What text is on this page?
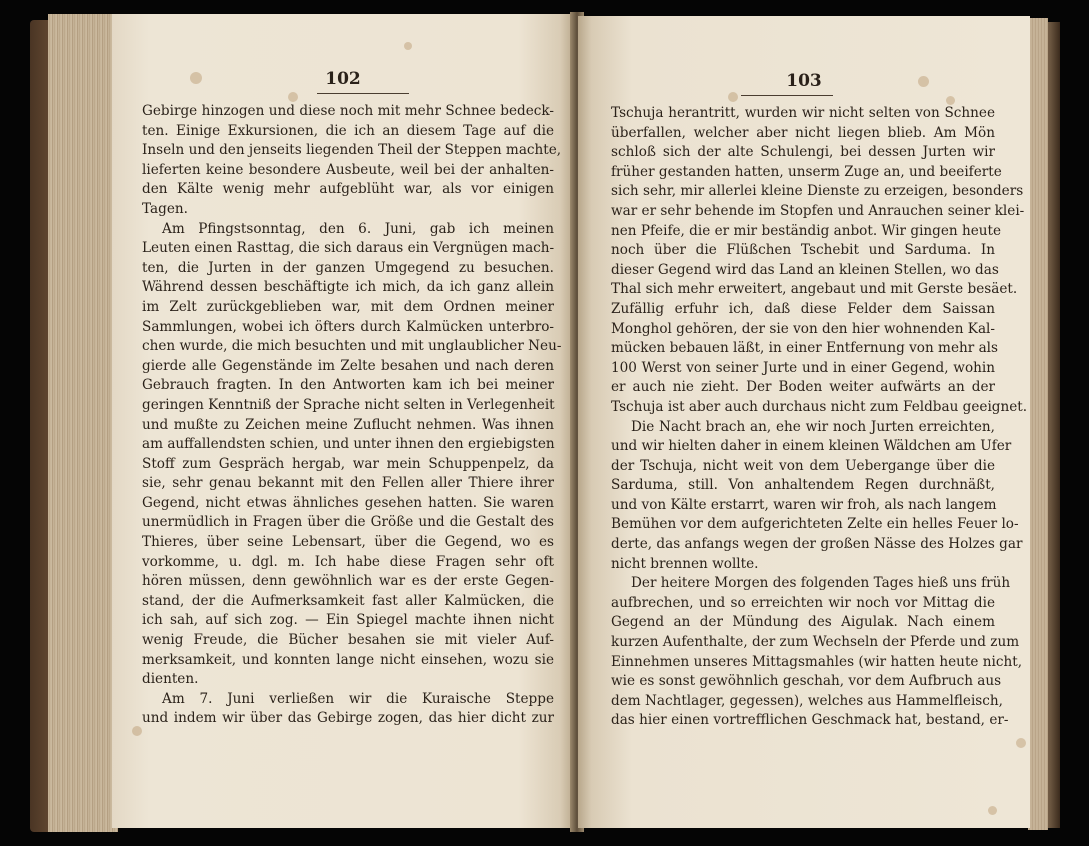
102
Gebirge hinzogen und diese noch mit mehr Schnee bedeck-
ten. Einige Exkursionen, die ich an diesem Tage auf die
Inseln und den jenseits liegenden Theil der Steppen machte,
lieferten keine besondere Ausbeute, weil bei der anhalten-
den Kälte wenig mehr aufgeblüht war, als vor einigen
Tagen.
Am Pfingstsonntag, den 6. Juni, gab ich meinen
Leuten einen Rasttag, die sich daraus ein Vergnügen mach-
ten, die Jurten in der ganzen Umgegend zu besuchen.
Während dessen beschäftigte ich mich, da ich ganz allein
im Zelt zurückgeblieben war, mit dem Ordnen meiner
Sammlungen, wobei ich öfters durch Kalmücken unterbro-
chen wurde, die mich besuchten und mit unglaublicher Neu-
gierde alle Gegenstände im Zelte besahen und nach deren
Gebrauch fragten. In den Antworten kam ich bei meiner
geringen Kenntniß der Sprache nicht selten in Verlegenheit
und mußte zu Zeichen meine Zuflucht nehmen. Was ihnen
am auffallendsten schien, und unter ihnen den ergiebigsten
Stoff zum Gespräch hergab, war mein Schuppenpelz, da
sie, sehr genau bekannt mit den Fellen aller Thiere ihrer
Gegend, nicht etwas ähnliches gesehen hatten. Sie waren
unermüdlich in Fragen über die Größe und die Gestalt des
Thieres, über seine Lebensart, über die Gegend, wo es
vorkomme, u. dgl. m. Ich habe diese Fragen sehr oft
hören müssen, denn gewöhnlich war es der erste Gegen-
stand, der die Aufmerksamkeit fast aller Kalmücken, die
ich sah, auf sich zog. — Ein Spiegel machte ihnen nicht
wenig Freude, die Bücher besahen sie mit vieler Auf-
merksamkeit, und konnten lange nicht einsehen, wozu sie
dienten.
Am 7. Juni verließen wir die Kuraische Steppe
und indem wir über das Gebirge zogen, das hier dicht zur
103
Tschuja herantritt, wurden wir nicht selten von Schnee
überfallen, welcher aber nicht liegen blieb. Am Mön
schloß sich der alte Schulengi, bei dessen Jurten wir
früher gestanden hatten, unserm Zuge an, und beeiferte
sich sehr, mir allerlei kleine Dienste zu erzeigen, besonders
war er sehr behende im Stopfen und Anrauchen seiner klei-
nen Pfeife, die er mir beständig anbot. Wir gingen heute
noch über die Flüßchen Tschebit und Sarduma. In
dieser Gegend wird das Land an kleinen Stellen, wo das
Thal sich mehr erweitert, angebaut und mit Gerste besäet.
Zufällig erfuhr ich, daß diese Felder dem Saissan
Monghol gehören, der sie von den hier wohnenden Kal-
mücken bebauen läßt, in einer Entfernung von mehr als
100 Werst von seiner Jurte und in einer Gegend, wohin
er auch nie zieht. Der Boden weiter aufwärts an der
Tschuja ist aber auch durchaus nicht zum Feldbau geeignet.
Die Nacht brach an, ehe wir noch Jurten erreichten,
und wir hielten daher in einem kleinen Wäldchen am Ufer
der Tschuja, nicht weit von dem Uebergange über die
Sarduma, still. Von anhaltendem Regen durchnäßt,
und von Kälte erstarrt, waren wir froh, als nach langem
Bemühen vor dem aufgerichteten Zelte ein helles Feuer lo-
derte, das anfangs wegen der großen Nässe des Holzes gar
nicht brennen wollte.
Der heitere Morgen des folgenden Tages hieß uns früh
aufbrechen, und so erreichten wir noch vor Mittag die
Gegend an der Mündung des Aigulak. Nach einem
kurzen Aufenthalte, der zum Wechseln der Pferde und zum
Einnehmen unseres Mittagsmahles (wir hatten heute nicht,
wie es sonst gewöhnlich geschah, vor dem Aufbruch aus
dem Nachtlager, gegessen), welches aus Hammelfleisch,
das hier einen vortrefflichen Geschmack hat, bestand, er-
